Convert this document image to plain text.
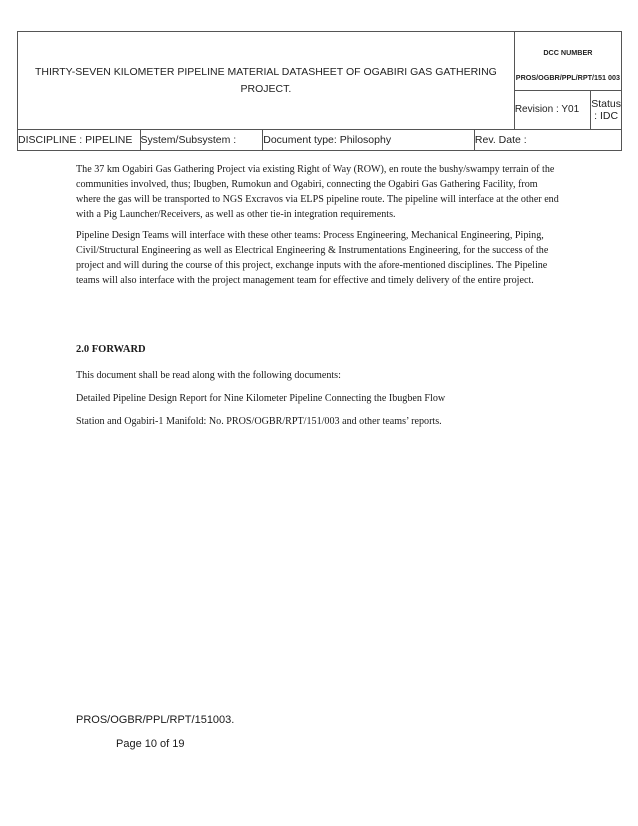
THIRTY-SEVEN KILOMETER PIPELINE MATERIAL DATASHEET OF OGABIRI GAS GATHERING PROJECT.				DCC NUMBER
PROS/OGBR/PPL/RPT/151 003	

				Revision : Y01	Status : IDC
DISCIPLINE : PIPELINE	System/Subsystem :	Document type: Philosophy	Rev. Date :		

The 37 km Ogabiri Gas Gathering Project via existing Right of Way (ROW), en route the bushy/swampy terrain of the communities involved, thus; Ibugben, Rumokun and Ogabiri, connecting the Ogabiri Gas Gathering Facility, from where the gas will be transported to NGS Excravos via ELPS pipeline route. The pipeline will interface at the other end with a Pig Launcher/Receivers, as well as other tie-in integration requirements.

Pipeline Design Teams will interface with these other teams: Process Engineering, Mechanical Engineering, Piping, Civil/Structural Engineering as well as Electrical Engineering & Instrumentations Engineering, for the success of the project and will during the course of this project, exchange inputs with the afore-mentioned disciplines. The Pipeline teams will also interface with the project management team for effective and timely delivery of the entire project.

2.0 FORWARD
This document shall be read along with the following documents:
Detailed Pipeline Design Report for Nine Kilometer Pipeline Connecting the Ibugben Flow
Station and Ogabiri-1 Manifold: No. PROS/OGBR/RPT/151/003 and other teams’ reports.
PROS/OGBR/PPL/RPT/151003.
Page 10 of 19
